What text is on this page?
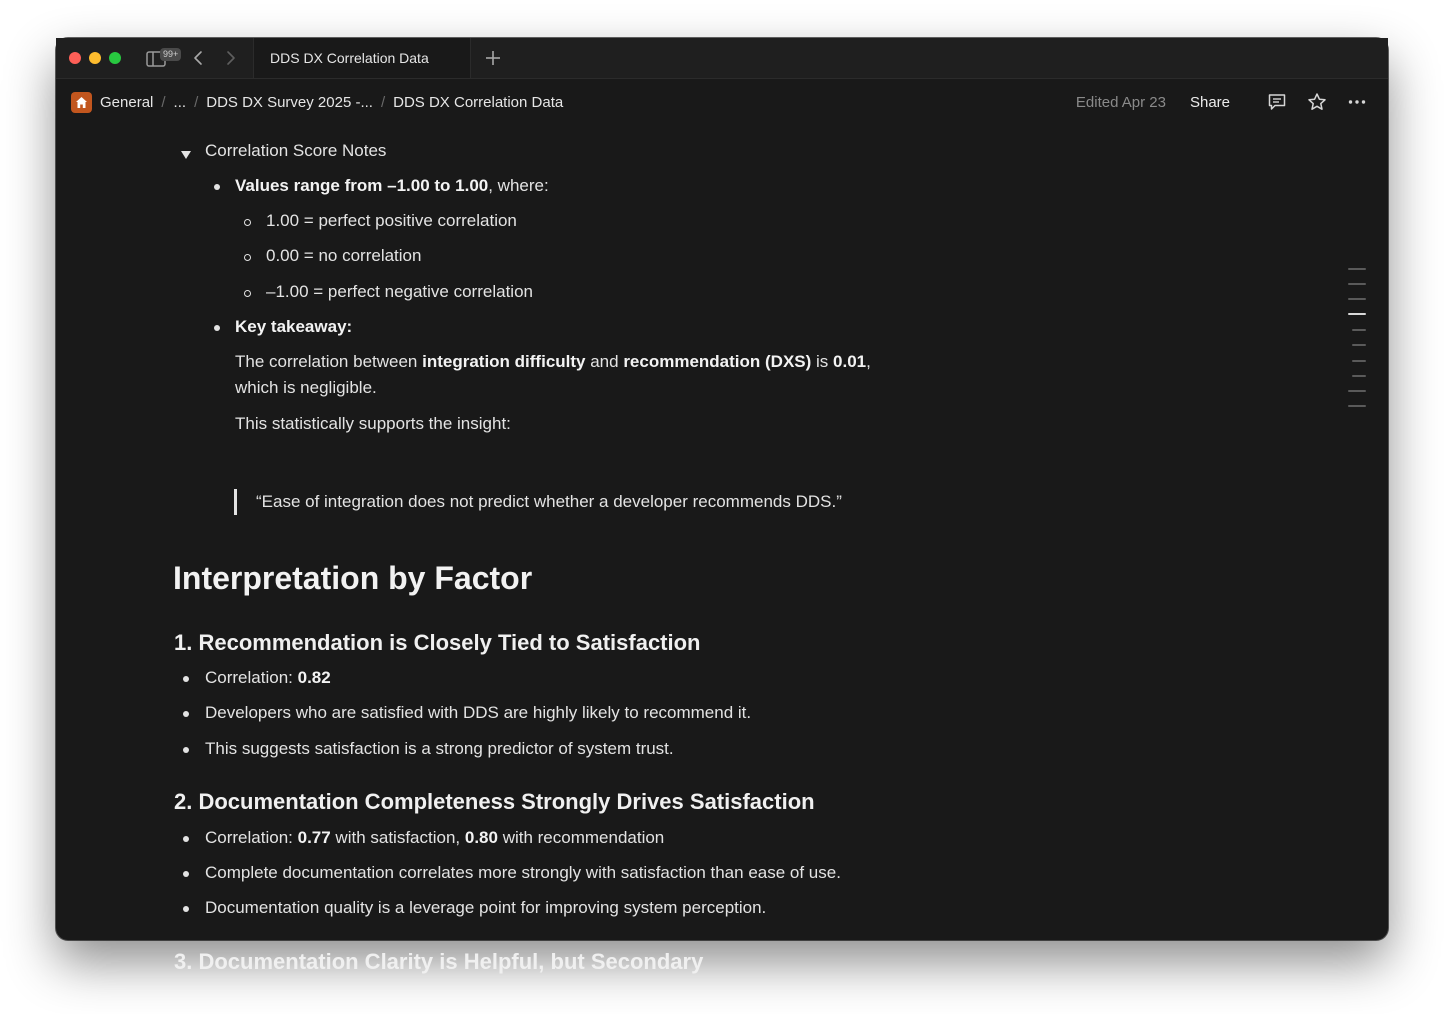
99+	DDS DX Correlation Data
General / ... / DDS DX Survey 2025 -... / DDS DX Correlation Data	Edited Apr 23 Share
Correlation Score Notes
Values range from –1.00 to 1.00, where:
1.00 = perfect positive correlation
0.00 = no correlation
–1.00 = perfect negative correlation
Key takeaway:
The correlation between integration difficulty and recommendation (DXS) is 0.01,
which is negligible.
This statistically supports the insight:
“Ease of integration does not predict whether a developer recommends DDS.”
Interpretation by Factor
1. Recommendation is Closely Tied to Satisfaction
Correlation: 0.82
Developers who are satisfied with DDS are highly likely to recommend it.
This suggests satisfaction is a strong predictor of system trust.
2. Documentation Completeness Strongly Drives Satisfaction
Correlation: 0.77 with satisfaction, 0.80 with recommendation
Complete documentation correlates more strongly with satisfaction than ease of use.
Documentation quality is a leverage point for improving system perception.
3. Documentation Clarity is Helpful, but Secondary
